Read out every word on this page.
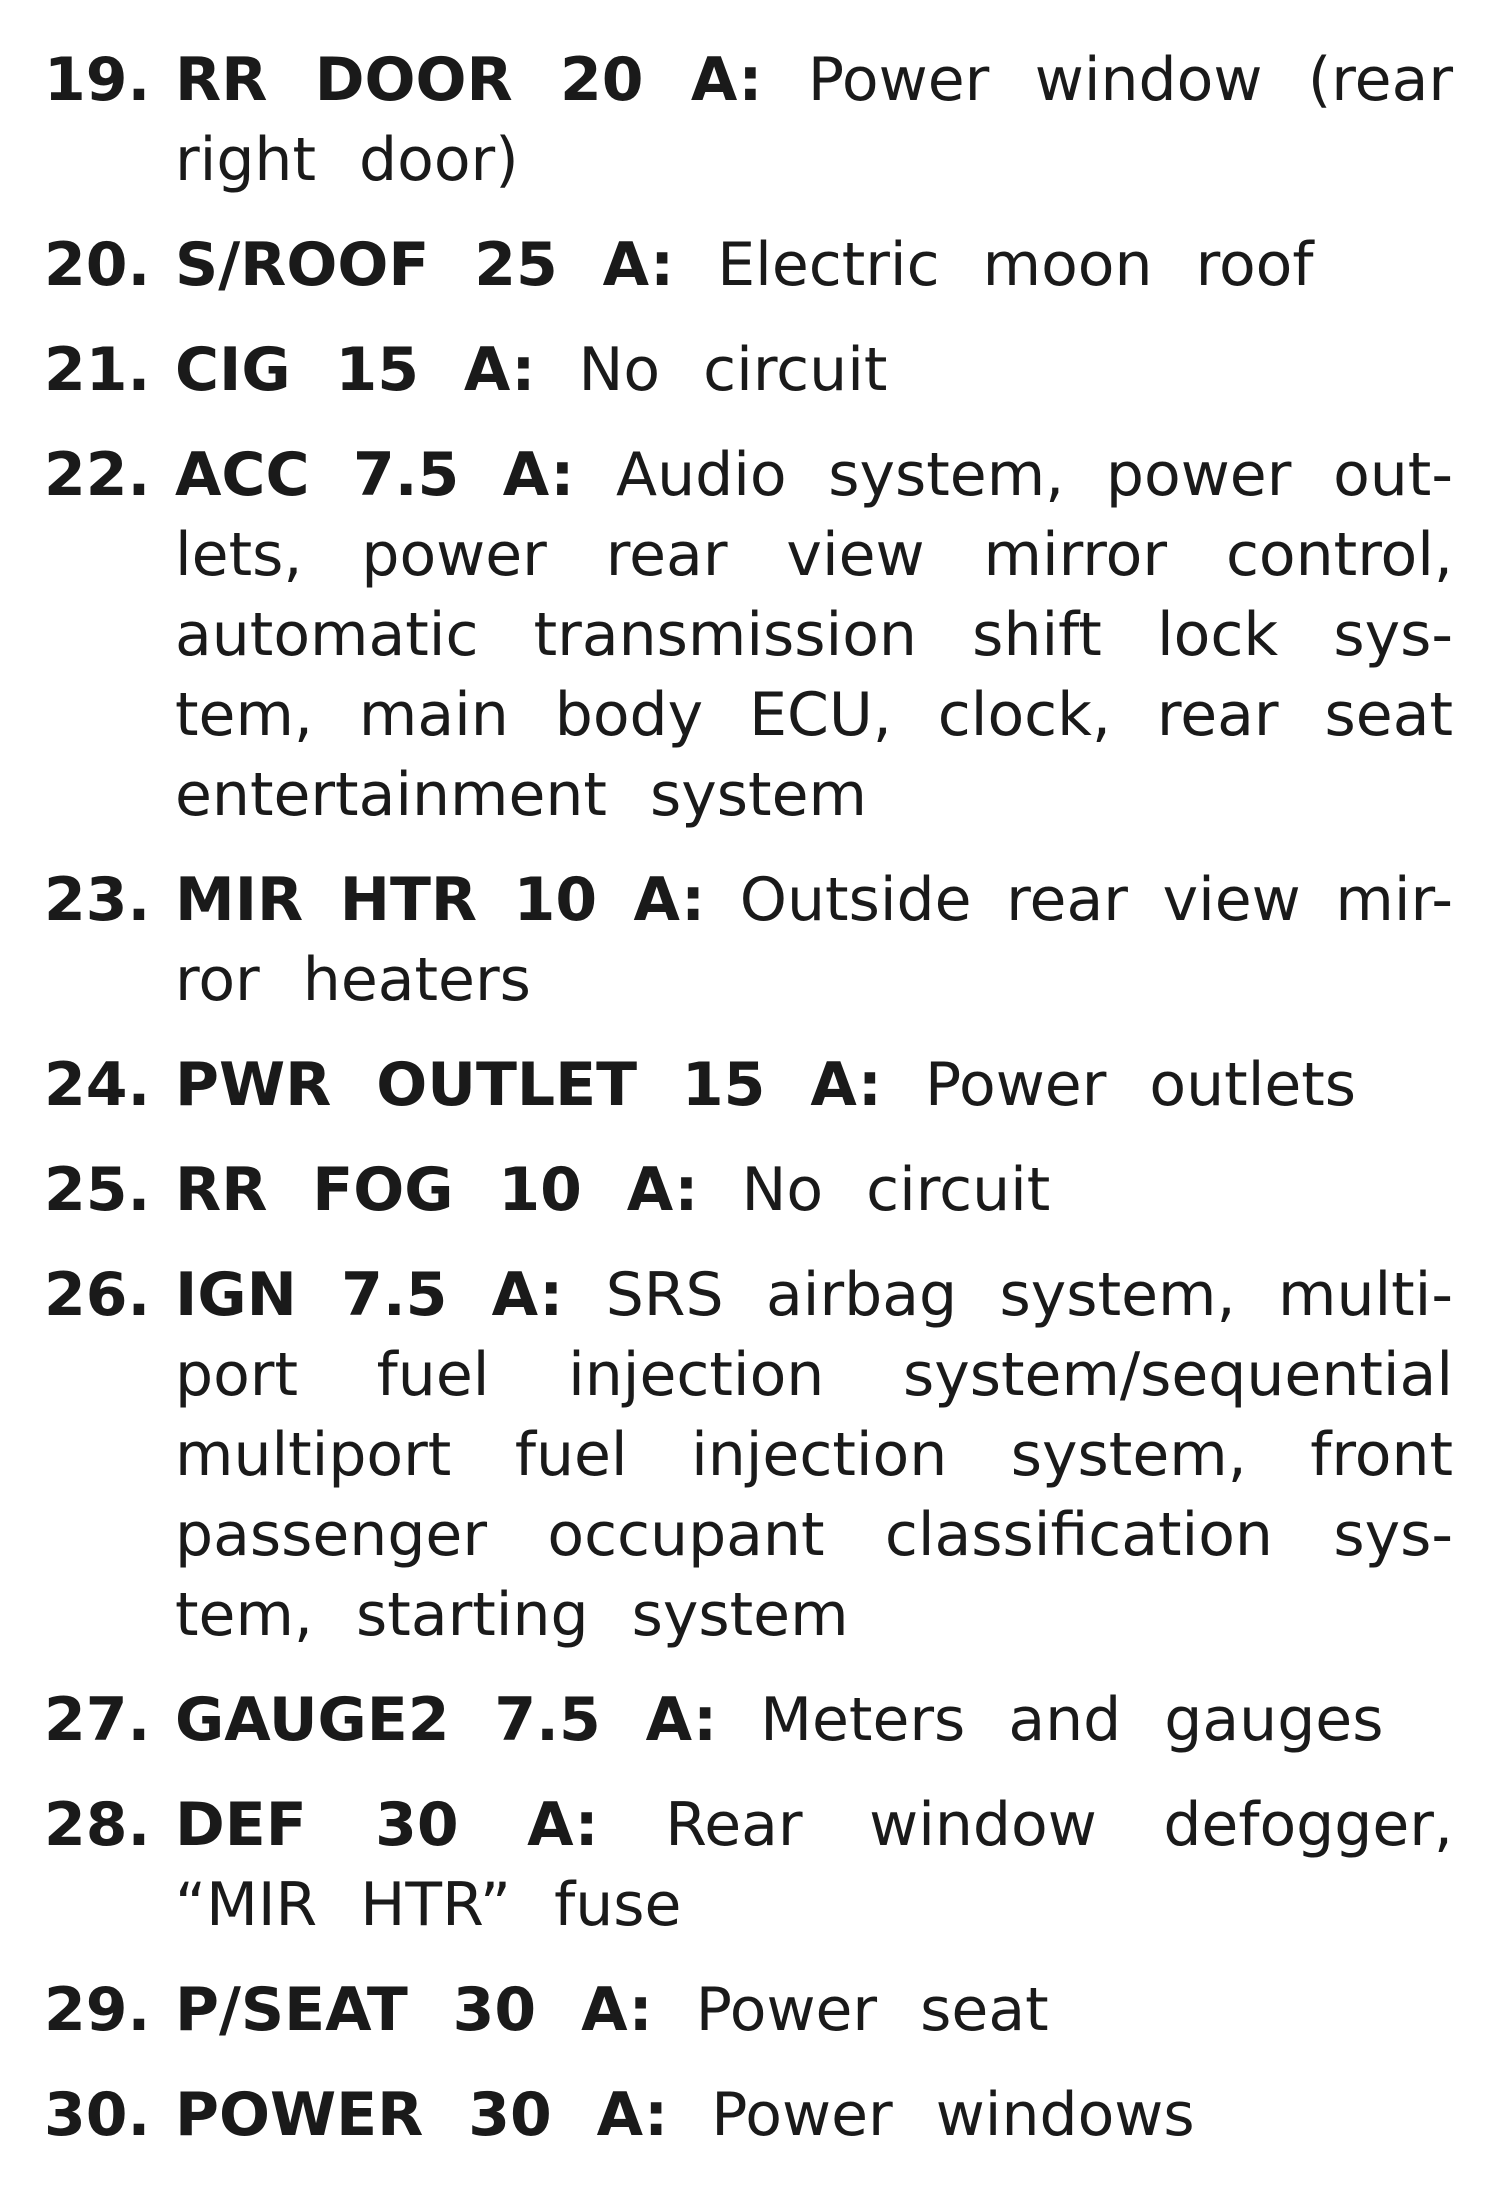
19. RR DOOR 20 A: Power window (rear
right door)
20. S/ROOF 25 A: Electric moon roof
21. CIG 15 A: No circuit
22. ACC 7.5 A: Audio system, power out-
lets, power rear view mirror control,
automatic transmission shift lock sys-
tem, main body ECU, clock, rear seat
entertainment system
23. MIR HTR 10 A: Outside rear view mir-
ror heaters
24. PWR OUTLET 15 A: Power outlets
25. RR FOG 10 A: No circuit
26. IGN 7.5 A: SRS airbag system, multi-
port fuel injection system/sequential
multiport fuel injection system, front
passenger occupant classification sys-
tem, starting system
27. GAUGE2 7.5 A: Meters and gauges
28. DEF 30 A: Rear window defogger,
“MIR HTR” fuse
29. P/SEAT 30 A: Power seat
30. POWER 30 A: Power windows
